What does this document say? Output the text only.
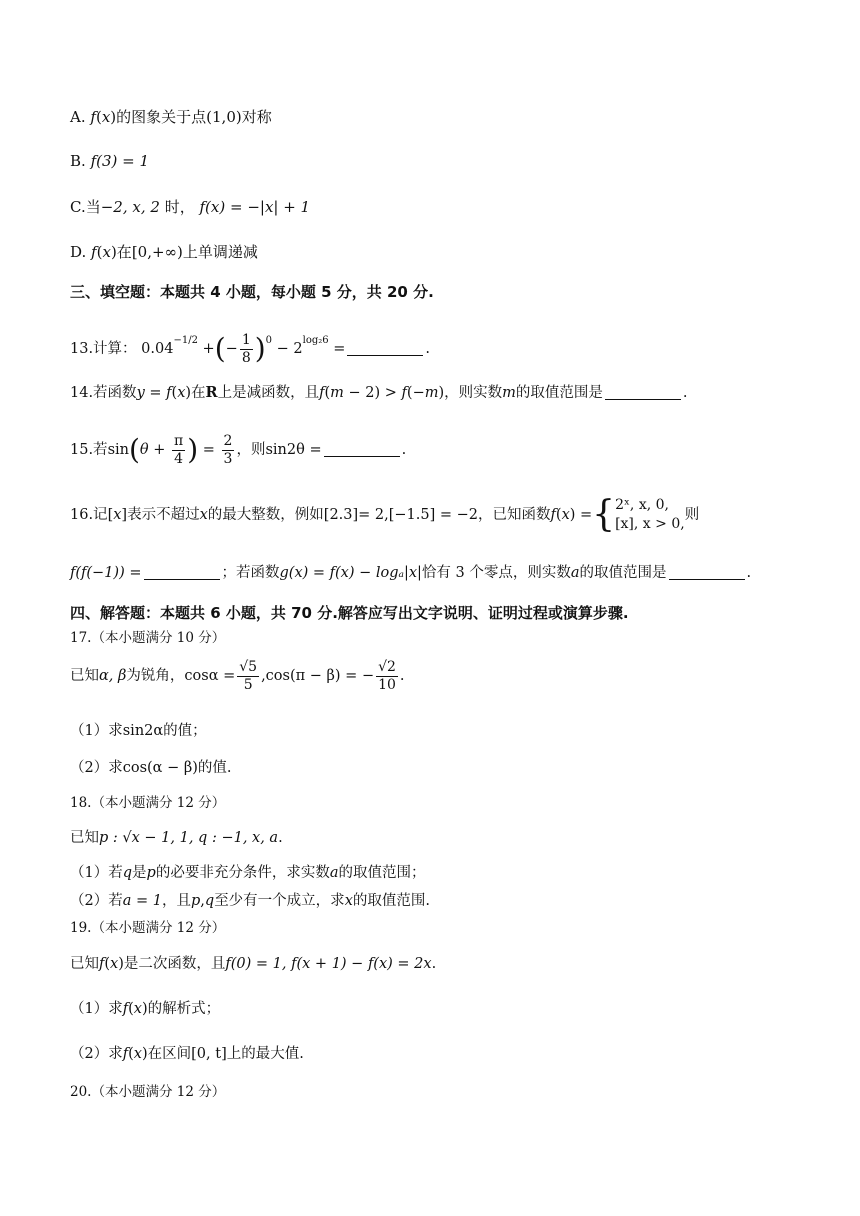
A. f(x)的图象关于点(1,0)对称
B. f(3) = 1
C.当−2, x, 2 时， f(x) = −|x| + 1
D. f(x)在[0,+∞)上单调递减
三、填空题：本题共 4 小题，每小题 5 分，共 20 分.
13.计算： $0.04^{-1/2}$ +(− $\frac{1}{8} )^0 - 2^{log_26}$ =	.
14.若函数y = f(x)在R上是减函数，且f(m − 2) > f(−m)，则实数m的取值范围是	.
15.若$\sin(\theta + \frac{\pi}{4}$ ) = $\frac{2}{3}$ ，则sin2θ =	.
16.记[x]表示不超过x的最大整数，例如[2.3]= 2,[−1.5] = −2，已知函数f(x) ={ 2ˣ, x, 0,
[x], x > 0,
则
f(f(−1)) =	；若函数g(x) = f(x) − logₐ|x|恰有 3 个零点，则实数a的取值范围是	.
四、解答题：本题共 6 小题，共 70 分.解答应写出文字说明、证明过程或演算步骤.
17.（本小题满分 10 分）
已知α, β为锐角，$\cos\alpha = \frac{√5}{5} ,\cos(\pi - \beta)$ = − $\frac{√2}{10}$ .
（1）求sin2α的值；
（2）求cos(α − β)的值.
18.（本小题满分 12 分）
已知p : √x − 1, 1, q : −1, x, a.
（1）若q是p的必要非充分条件，求实数a的取值范围；
（2）若a = 1，且p,q至少有一个成立，求x的取值范围.
19.（本小题满分 12 分）
已知f(x)是二次函数，且f(0) = 1, f(x + 1) − f(x) = 2x.
（1）求f(x)的解析式；
（2）求f(x)在区间[0, t]上的最大值.
20.（本小题满分 12 分）
